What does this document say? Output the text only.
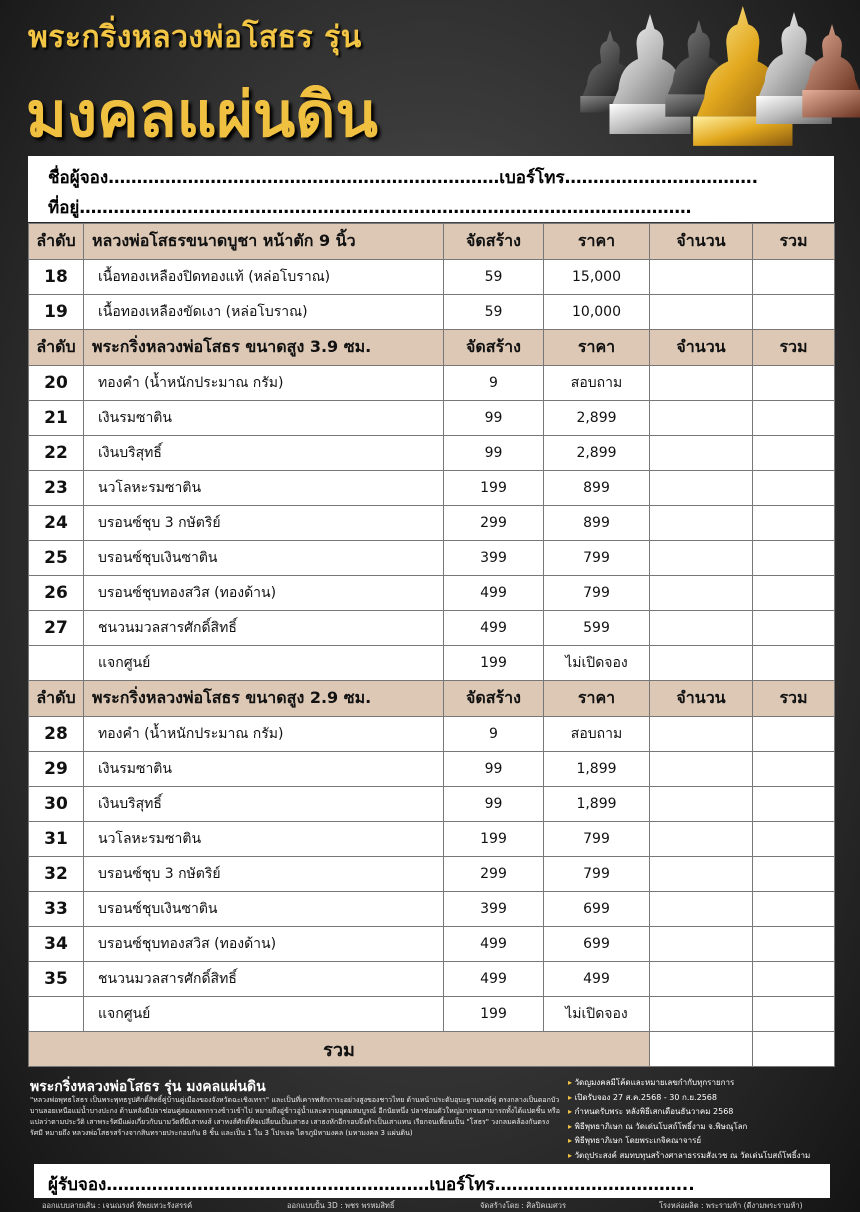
พระกริ่งหลวงพ่อโสธร รุ่น
มงคลแผ่นดิน
ชื่อผู้จอง……………………………………………………………เบอร์โทร…………………………….
ที่อยู่………………………………………………………………………………………………
ลำดับ	หลวงพ่อโสธรขนาดบูชา หน้าตัก 9 นิ้ว	จัดสร้าง	ราคา	จำนวน	รวม
18	เนื้อทองเหลืองปิดทองแท้ (หล่อโบราณ)	59	15,000		
19	เนื้อทองเหลืองขัดเงา (หล่อโบราณ)	59	10,000		
ลำดับ	พระกริ่งหลวงพ่อโสธร ขนาดสูง 3.9 ซม.	จัดสร้าง	ราคา	จำนวน	รวม
20	ทองคำ (น้ำหนักประมาณ กรัม)	9	สอบถาม		
21	เงินรมซาติน	99	2,899		
22	เงินบริสุทธิ์	99	2,899		
23	นวโลหะรมซาติน	199	899		
24	บรอนซ์ชุบ 3 กษัตริย์	299	899		
25	บรอนซ์ชุบเงินซาติน	399	799		
26	บรอนซ์ชุบทองสวิส (ทองด้าน)	499	799		
27	ชนวนมวลสารศักดิ์สิทธิ์	499	599		
	แจกศูนย์	199	ไม่เปิดจอง		
ลำดับ	พระกริ่งหลวงพ่อโสธร ขนาดสูง 2.9 ซม.	จัดสร้าง	ราคา	จำนวน	รวม
28	ทองคำ (น้ำหนักประมาณ กรัม)	9	สอบถาม		
29	เงินรมซาติน	99	1,899		
30	เงินบริสุทธิ์	99	1,899		
31	นวโลหะรมซาติน	199	799		
32	บรอนซ์ชุบ 3 กษัตริย์	299	799		
33	บรอนซ์ชุบเงินซาติน	399	699		
34	บรอนซ์ชุบทองสวิส (ทองด้าน)	499	699		
35	ชนวนมวลสารศักดิ์สิทธิ์	499	499		
	แจกศูนย์	199	ไม่เปิดจอง		
รวม					
พระกริ่งหลวงพ่อโสธร รุ่น มงคลแผ่นดิน
"หลวงพ่อพุทธโสธร เป็นพระพุทธรูปศักดิ์สิทธิ์คู่บ้านคู่เมืองของจังหวัดฉะเชิงเทรา" และเป็นที่เคารพสักการะอย่างสูงของชาวไทย ด้านหน้าประดับอุบะฐานหงษ์คู่ ตรงกลางเป็นดอกบัวบานลอยเหนือแม่น้ำบางปะกง ด้านหลังมีปลาช่อนคู่สองแพรกรวงข้าวเข้าไป หมายถึงอู่ข้าวอู่น้ำและความอุดมสมบูรณ์ อีกนัยหนึ่ง ปลาช่อนตัวใหญ่มากจนสามารถทั้งได้แปดชิ้น หรือแปลว่าตามประวัติ เสาพระรัศมีแผ่งเกี่ยวกับนามวัดที่มีเสาหงส์ เสาหงส์ศักดิ์ทิจเปลี่ยนเป็นเสาธง เสาธงหักอีกรอบจึงทำเป็นเสาแทน เรียกจนเพี้ยนเป็น "โสธร" วงกลมคล้องกันตรงรัศมี หมายถึง หลวงพ่อโสธรสร้างจากสินทรายประกอบกัน 8 ชิ้น และเป็น 1 ใน 3 โปรเจค ไตรภูมิหามงคล (มหามงคล 3 แผ่นดิน)
▸ วัดญมงคลมีโค้ดและหมายเลขกำกับทุกรายการ
▸ เปิดรับจอง 27 ส.ค.2568 - 30 ก.ย.2568
▸ กำหนดรับพระ หลังพิธีเสกเดือนธันวาคม 2568
▸ พิธีพุทธาภิเษก ณ วัดเด่นโบสถ์โพธิ์งาม จ.พิษณุโลก
▸ พิธีพุทธาภิเษก โดยพระเกจิคณาจารย์
▸ วัตถุประสงค์ สมทบทุนสร้างศาลาธรรมสังเวช ณ วัดเด่นโบสถ์โพธิ์งาม
ผู้รับจอง…………………………………………………เบอร์โทร……………………………..
ออกแบบลายเส้น : เจนณรงค์ ทิพยเทวะรังสรรค์	ออกแบบปั้น 3D : พชร พรหมสิทธิ์	จัดสร้างโดย : ศิลปิคเมศวร	โรงหล่อผลิต : พระรามห้า (ดีงามพระรามห้า)
